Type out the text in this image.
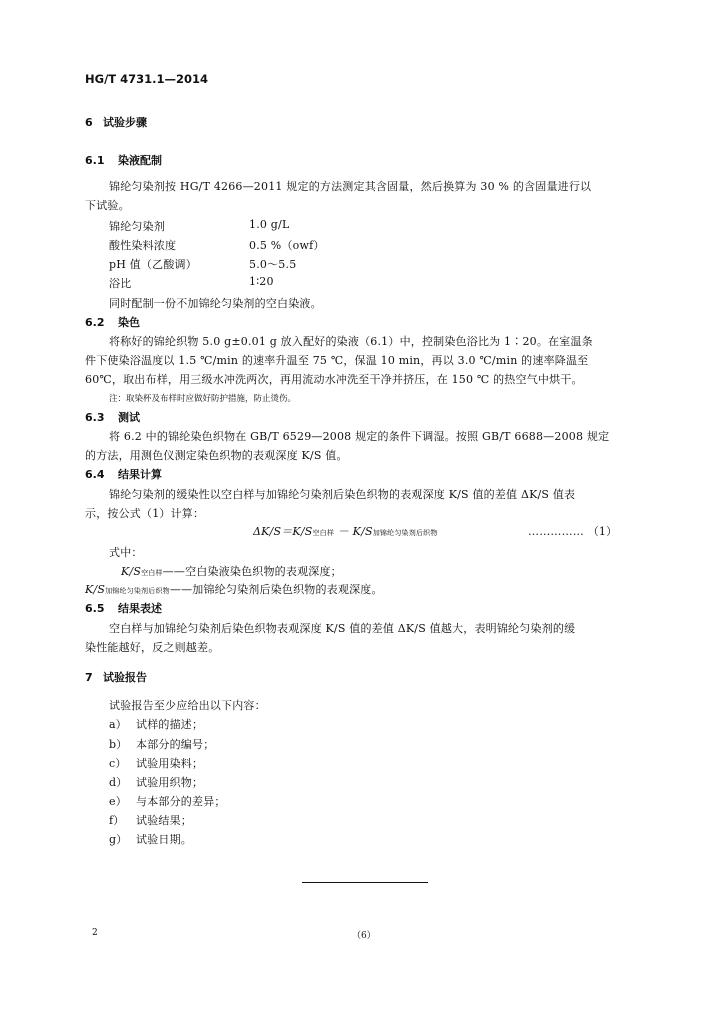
HG/T 4731.1—2014
6 试验步骤
6.1 染液配制
锦纶匀染剂按 HG/T 4266—2011 规定的方法测定其含固量，然后换算为 30 % 的含固量进行以
下试验。
锦纶匀染剂	1.0 g/L
酸性染料浓度	0.5 %（owf）
pH 值（乙酸调）	5.0～5.5
浴比	1∶20
同时配制一份不加锦纶匀染剂的空白染液。
6.2 染色
将称好的锦纶织物 5.0 g±0.01 g 放入配好的染液（6.1）中，控制染色浴比为 1∶20。在室温条
件下使染浴温度以 1.5 ℃/min 的速率升温至 75 ℃，保温 10 min，再以 3.0 ℃/min 的速率降温至
60℃，取出布样，用三级水冲洗两次，再用流动水冲洗至干净并挤压，在 150 ℃ 的热空气中烘干。
注：取染杯及布样时应做好防护措施，防止烫伤。
6.3 测试
将 6.2 中的锦纶染色织物在 GB/T 6529—2008 规定的条件下调湿。按照 GB/T 6688—2008 规定
的方法，用测色仪测定染色织物的表观深度 K/S 值。
6.4 结果计算
锦纶匀染剂的缓染性以空白样与加锦纶匀染剂后染色织物的表观深度 K/S 值的差值 ΔK/S 值表
示，按公式（1）计算：
ΔK/S＝K/S空白样 － K/S加锦纶匀染剂后织物	…………… （1）
式中：
K/S空白样——空白染液染色织物的表观深度；
K/S加锦纶匀染剂后织物——加锦纶匀染剂后染色织物的表观深度。
6.5 结果表述
空白样与加锦纶匀染剂后染色织物表观深度 K/S 值的差值 ΔK/S 值越大，表明锦纶匀染剂的缓
染性能越好，反之则越差。
7 试验报告
试验报告至少应给出以下内容：
a） 试样的描述；
b） 本部分的编号；
c） 试验用染料；
d） 试验用织物；
e） 与本部分的差异；
f） 试验结果；
g） 试验日期。
2	（6）
